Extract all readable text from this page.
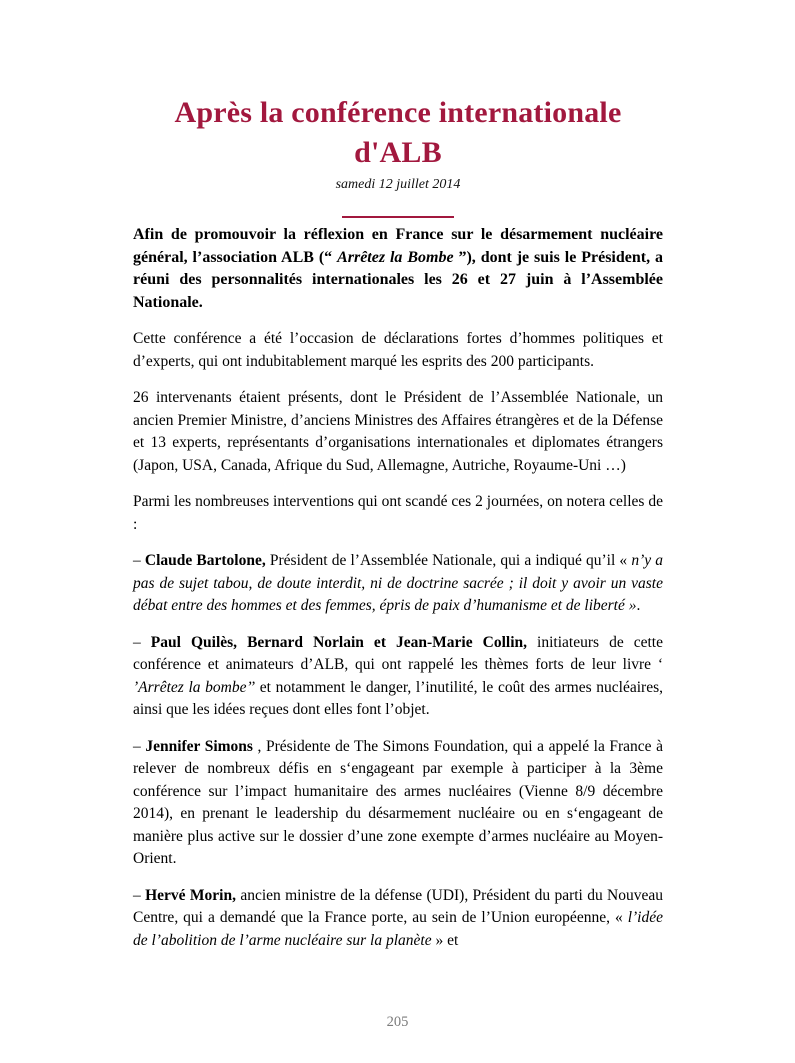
Après la conférence internationale
d'ALB
samedi 12 juillet 2014

Afin de promouvoir la réflexion en France sur le désarmement nucléaire général, l’association ALB (“ Arrêtez la Bombe ”), dont je suis le Président, a réuni des personnalités internationales les 26 et 27 juin à l’Assemblée Nationale.

Cette conférence a été l’occasion de déclarations fortes d’hommes politiques et d’experts, qui ont indubitablement marqué les esprits des 200 participants.

26 intervenants étaient présents, dont le Président de l’Assemblée Nationale, un ancien Premier Ministre, d’anciens Ministres des Affaires étrangères et de la Défense et 13 experts, représentants d’organisations internationales et diplomates étrangers (Japon, USA, Canada, Afrique du Sud, Allemagne, Autriche, Royaume-Uni …)

Parmi les nombreuses interventions qui ont scandé ces 2 journées, on notera celles de :

– Claude Bartolone, Président de l’Assemblée Nationale, qui a indiqué qu’il « n’y a pas de sujet tabou, de doute interdit, ni de doctrine sacrée ; il doit y avoir un vaste débat entre des hommes et des femmes, épris de paix d’humanisme et de liberté ».

– Paul Quilès, Bernard Norlain et Jean-Marie Collin, initiateurs de cette conférence et animateurs d’ALB, qui ont rappelé les thèmes forts de leur livre ‘ ’Arrêtez la bombe’’ et notamment le danger, l’inutilité, le coût des armes nucléaires, ainsi que les idées reçues dont elles font l’objet.

– Jennifer Simons , Présidente de The Simons Foundation, qui a appelé la France à relever de nombreux défis en s‘engageant par exemple à participer à la 3ème conférence sur l’impact humanitaire des armes nucléaires (Vienne 8/9 décembre 2014), en prenant le leadership du désarmement nucléaire ou en s‘engageant de manière plus active sur le dossier d’une zone exempte d’armes nucléaire au Moyen-Orient.

– Hervé Morin, ancien ministre de la défense (UDI), Président du parti du Nouveau Centre, qui a demandé que la France porte, au sein de l’Union européenne, « l’idée de l’abolition de l’arme nucléaire sur la planète » et

205
